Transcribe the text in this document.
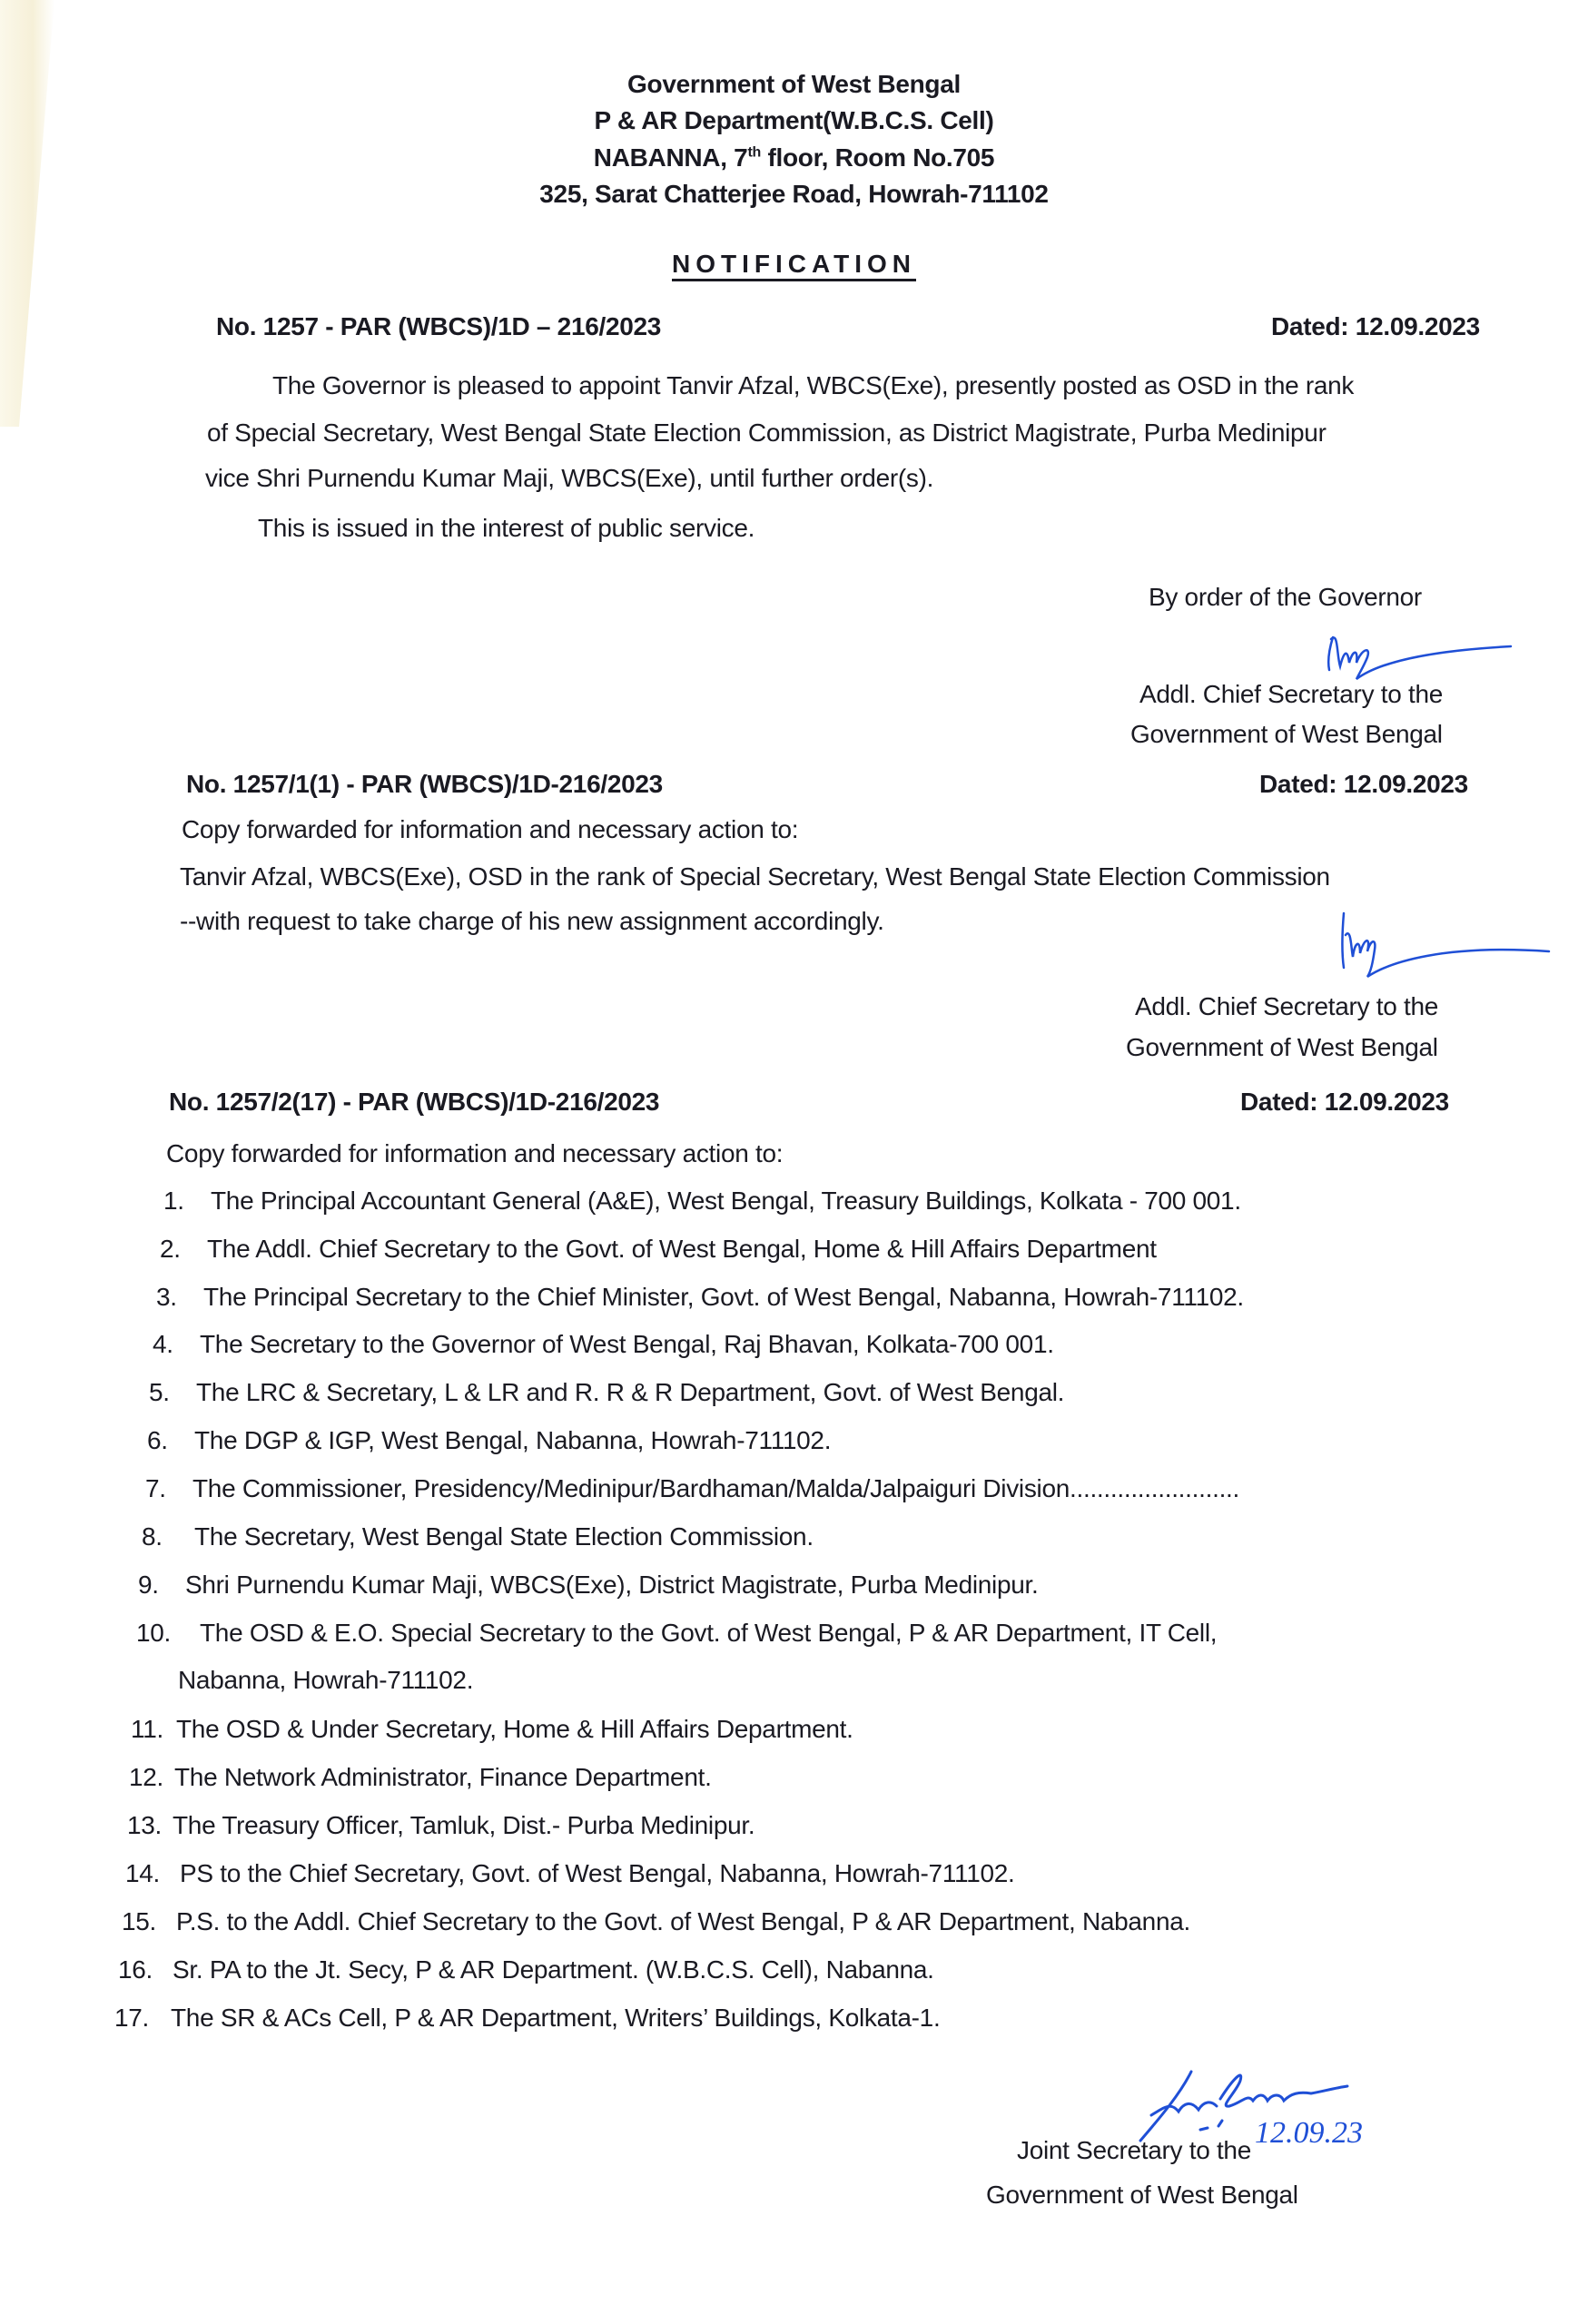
Government of West Bengal
P & AR Department(W.B.C.S. Cell)
NABANNA, 7th floor, Room No.705
325, Sarat Chatterjee Road, Howrah-711102
NOTIFICATION
No. 1257 - PAR (WBCS)/1D – 216/2023	Dated: 12.09.2023
The Governor is pleased to appoint Tanvir Afzal, WBCS(Exe), presently posted as OSD in the rank
of Special Secretary, West Bengal State Election Commission, as District Magistrate, Purba Medinipur
vice Shri Purnendu Kumar Maji, WBCS(Exe), until further order(s).
This is issued in the interest of public service.
By order of the Governor
Addl. Chief Secretary to the
Government of West Bengal
No. 1257/1(1) - PAR (WBCS)/1D-216/2023	Dated: 12.09.2023
Copy forwarded for information and necessary action to:
Tanvir Afzal, WBCS(Exe), OSD in the rank of Special Secretary, West Bengal State Election Commission
--with request to take charge of his new assignment accordingly.
Addl. Chief Secretary to the
Government of West Bengal
No. 1257/2(17) - PAR (WBCS)/1D-216/2023	Dated: 12.09.2023
Copy forwarded for information and necessary action to:
1. The Principal Accountant General (A&E), West Bengal, Treasury Buildings, Kolkata - 700 001.
2. The Addl. Chief Secretary to the Govt. of West Bengal, Home & Hill Affairs Department
3. The Principal Secretary to the Chief Minister, Govt. of West Bengal, Nabanna, Howrah-711102.
4. The Secretary to the Governor of West Bengal, Raj Bhavan, Kolkata-700 001.
5. The LRC & Secretary, L & LR and R. R & R Department, Govt. of West Bengal.
6. The DGP & IGP, West Bengal, Nabanna, Howrah-711102.
7. The Commissioner, Presidency/Medinipur/Bardhaman/Malda/Jalpaiguri Division.........................
8. The Secretary, West Bengal State Election Commission.
9. Shri Purnendu Kumar Maji, WBCS(Exe), District Magistrate, Purba Medinipur.
10. The OSD & E.O. Special Secretary to the Govt. of West Bengal, P & AR Department, IT Cell,
Nabanna, Howrah-711102.
11. The OSD & Under Secretary, Home & Hill Affairs Department.
12. The Network Administrator, Finance Department.
13. The Treasury Officer, Tamluk, Dist.- Purba Medinipur.
14. PS to the Chief Secretary, Govt. of West Bengal, Nabanna, Howrah-711102.
15. P.S. to the Addl. Chief Secretary to the Govt. of West Bengal, P & AR Department, Nabanna.
16. Sr. PA to the Jt. Secy, P & AR Department. (W.B.C.S. Cell), Nabanna.
17. The SR & ACs Cell, P & AR Department, Writers’ Buildings, Kolkata-1.
12.09.23
Joint Secretary to the
Government of West Bengal
